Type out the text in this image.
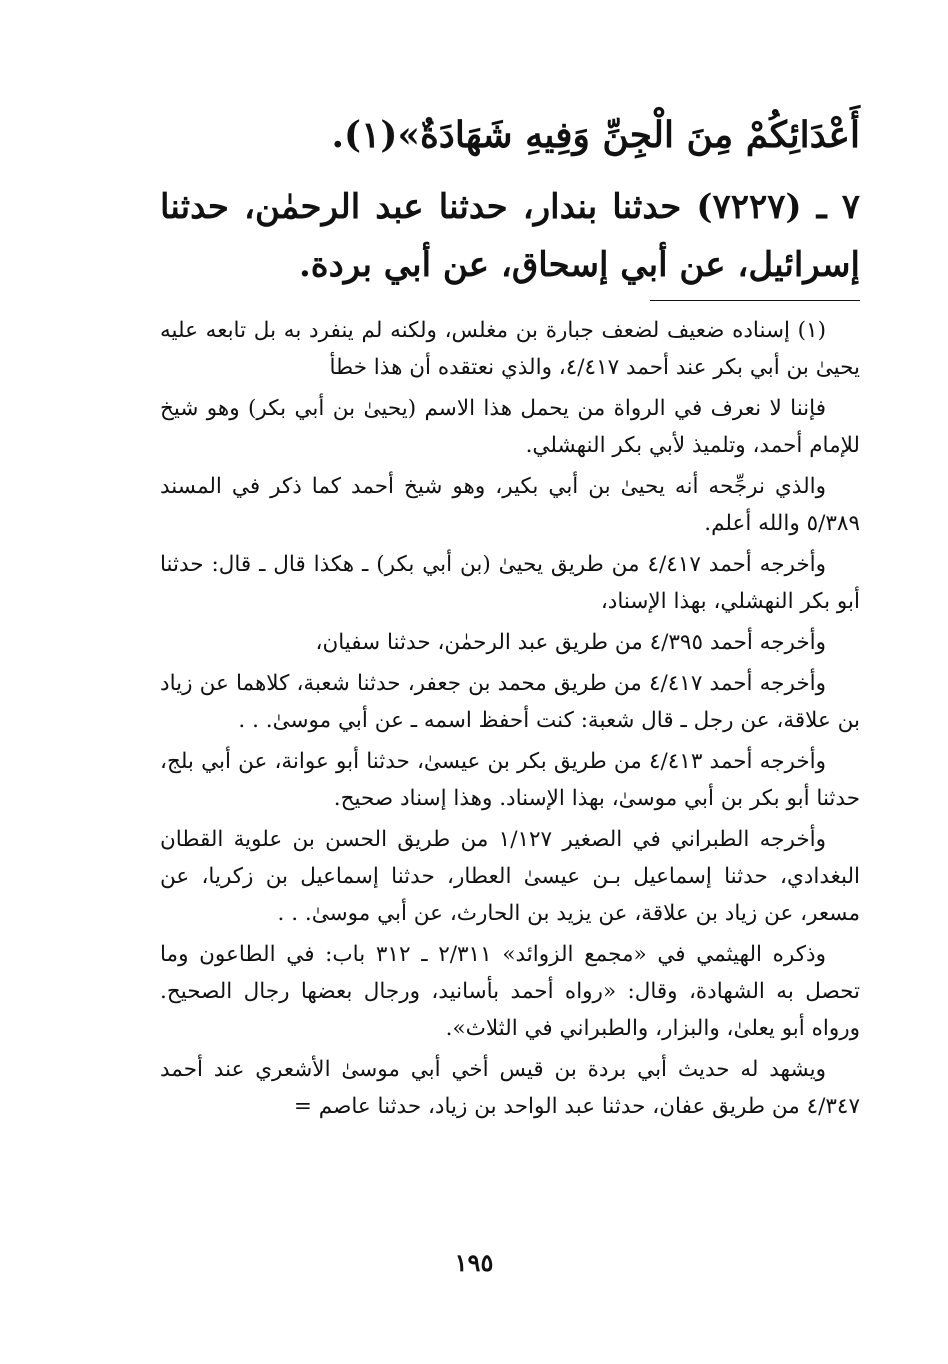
أَعْدَائِكُمْ مِنَ الْجِنِّ وَفِيهِ شَهَادَةٌ»(١).
٧ ـ (٧٢٢٧) حدثنا بندار، حدثنا عبد الرحمٰن، حدثنا
إسرائيل، عن أبي إسحاق، عن أبي بردة.

(١) إسناده ضعيف لضعف جبارة بن مغلس، ولكنه لم ينفرد به بل تابعه عليه يحيىٰ بن أبي بكر عند أحمد ٤/٤١٧، والذي نعتقده أن هذا خطأ

فإننا لا نعرف في الرواة من يحمل هذا الاسم (يحيىٰ بن أبي بكر) وهو شيخ للإمام أحمد، وتلميذ لأبي بكر النهشلي.

والذي نرجِّحه أنه يحيىٰ بن أبي بكير، وهو شيخ أحمد كما ذكر في المسند ٥/٣٨٩ والله أعلم.

وأخرجه أحمد ٤/٤١٧ من طريق يحيىٰ (بن أبي بكر) ـ هكذا قال ـ قال: حدثنا أبو بكر النهشلي، بهذا الإسناد،

وأخرجه أحمد ٤/٣٩٥ من طريق عبد الرحمٰن، حدثنا سفيان،

وأخرجه أحمد ٤/٤١٧ من طريق محمد بن جعفر، حدثنا شعبة، كلاهما عن زياد بن علاقة، عن رجل ـ قال شعبة: كنت أحفظ اسمه ـ عن أبي موسىٰ. . .

وأخرجه أحمد ٤/٤١٣ من طريق بكر بن عيسىٰ، حدثنا أبو عوانة، عن أبي بلج، حدثنا أبو بكر بن أبي موسىٰ، بهذا الإسناد. وهذا إسناد صحيح.

وأخرجه الطبراني في الصغير ١/١٢٧ من طريق الحسن بن علوية القطان البغدادي، حدثنا إسماعيل بـن عيسىٰ العطار، حدثنا إسماعيل بن زكريا، عن مسعر، عن زياد بن علاقة، عن يزيد بن الحارث، عن أبي موسىٰ. . .

وذكره الهيثمي في «مجمع الزوائد» ٢/٣١١ ـ ٣١٢ باب: في الطاعون وما تحصل به الشهادة، وقال: «رواه أحمد بأسانيد، ورجال بعضها رجال الصحيح. ورواه أبو يعلىٰ، والبزار، والطبراني في الثلاث».

ويشهد له حديث أبي بردة بن قيس أخي أبي موسىٰ الأشعري عند أحمد ٤/٣٤٧ من طريق عفان، حدثنا عبد الواحد بن زياد، حدثنا عاصم =

١٩٥
